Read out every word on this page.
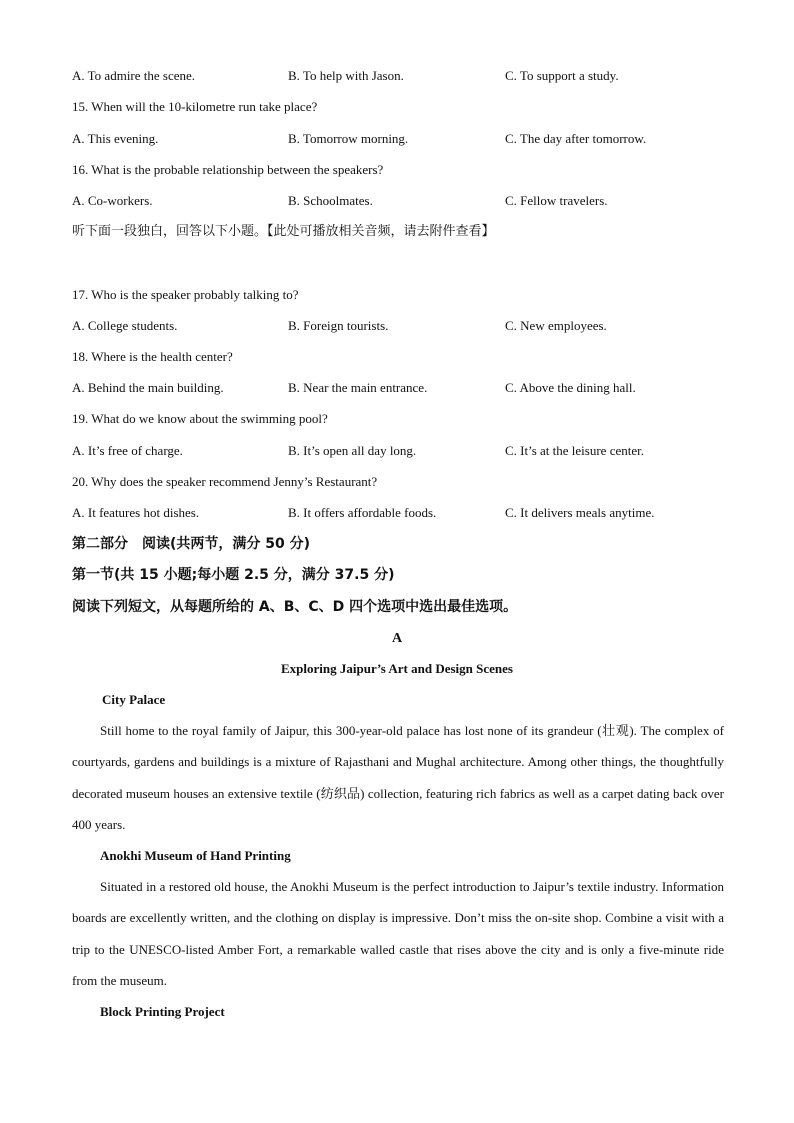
A. To admire the scene.	B. To help with Jason.	C. To support a study.
15. When will the 10-kilometre run take place?
A. This evening.	B. Tomorrow morning.	C. The day after tomorrow.
16. What is the probable relationship between the speakers?
A. Co-workers.	B. Schoolmates.	C. Fellow travelers.
听下面一段独白，回答以下小题。【此处可播放相关音频，请去附件查看】
17. Who is the speaker probably talking to?
A. College students.	B. Foreign tourists.	C. New employees.
18. Where is the health center?
A. Behind the main building.	B. Near the main entrance.	C. Above the dining hall.
19. What do we know about the swimming pool?
A. It’s free of charge.	B. It’s open all day long.	C. It’s at the leisure center.
20. Why does the speaker recommend Jenny’s Restaurant?
A. It features hot dishes.	B. It offers affordable foods.	C. It delivers meals anytime.
第二部分　阅读(共两节，满分 50 分)
第一节(共 15 小题;每小题 2.5 分，满分 37.5 分)
阅读下列短文，从每题所给的 A、B、C、D 四个选项中选出最佳选项。
A
Exploring Jaipur’s Art and Design Scenes
City Palace
Still home to the royal family of Jaipur, this 300-year-old palace has lost none of its grandeur (壮观). The complex of courtyards, gardens and buildings is a mixture of Rajasthani and Mughal architecture. Among other things, the thoughtfully decorated museum houses an extensive textile (纺织品) collection, featuring rich fabrics as well as a carpet dating back over 400 years.
Anokhi Museum of Hand Printing
Situated in a restored old house, the Anokhi Museum is the perfect introduction to Jaipur’s textile industry. Information boards are excellently written, and the clothing on display is impressive. Don’t miss the on-site shop. Combine a visit with a trip to the UNESCO-listed Amber Fort, a remarkable walled castle that rises above the city and is only a five-minute ride from the museum.
Block Printing Project
